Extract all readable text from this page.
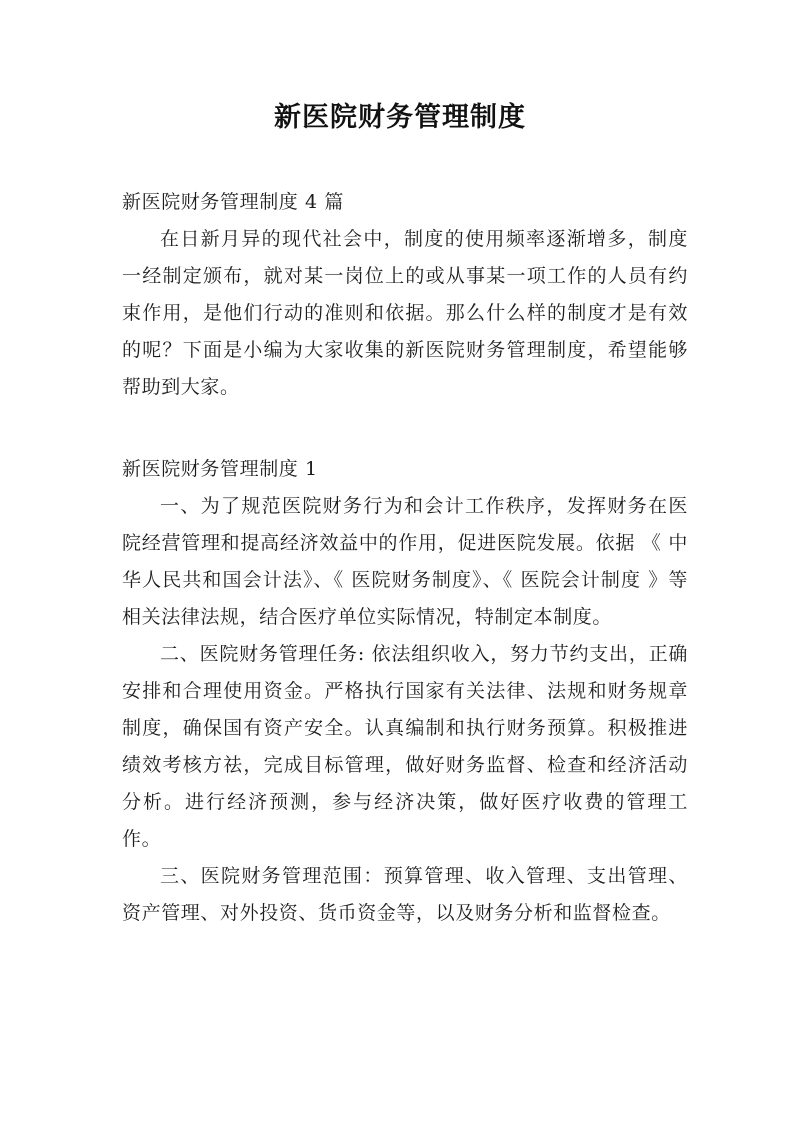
新医院财务管理制度

新医院财务管理制度 4 篇

在日新月异的现代社会中，制度的使用频率逐渐增多，制度一经制定颁布，就对某一岗位上的或从事某一项工作的人员有约束作用，是他们行动的准则和依据。那么什么样的制度才是有效的呢？下面是小编为大家收集的新医院财务管理制度，希望能够帮助到大家。

新医院财务管理制度 1

一、为了规范医院财务行为和会计工作秩序，发挥财务在医院经营管理和提高经济效益中的作用，促进医院发展。依据 《 中华人民共和国会计法》、《 医院财务制度》、《 医院会计制度 》等相关法律法规，结合医疗单位实际情况，特制定本制度。

二、医院财务管理任务: 依法组织收入，努力节约支出，正确安排和合理使用资金。严格执行国家有关法律、法规和财务规章制度，确保国有资产安全。认真编制和执行财务预算。积极推进绩效考核方祛，完成目标管理，做好财务监督、检查和经济活动分析。进行经济预测，参与经济决策，做好医疗收费的管理工作。

三、医院财务管理范围：预算管理、收入管理、支出管理、资产管理、对外投资、货币资金等，以及财务分析和监督检查。
